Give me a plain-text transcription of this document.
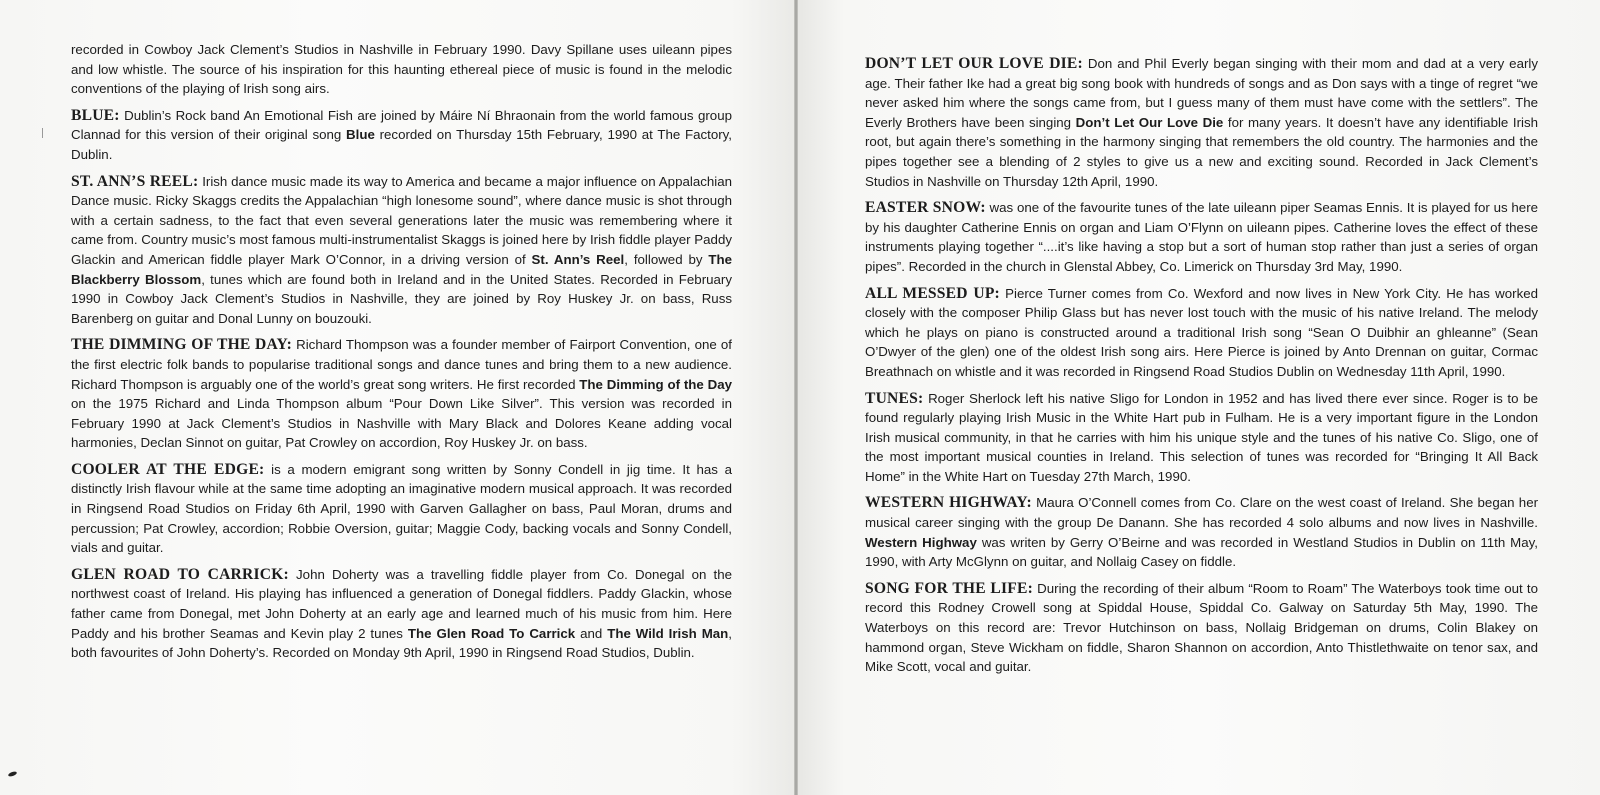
recorded in Cowboy Jack Clement’s Studios in Nashville in February 1990. Davy Spillane uses uileann pipes and low whistle. The source of his inspiration for this haunting ethereal piece of music is found in the melodic conventions of the playing of Irish song airs.

BLUE: Dublin’s Rock band An Emotional Fish are joined by Máire Ní Bhraonain from the world famous group Clannad for this version of their original song Blue recorded on Thursday 15th February, 1990 at The Factory, Dublin.

ST. ANN’S REEL: Irish dance music made its way to America and became a major influence on Appalachian Dance music. Ricky Skaggs credits the Appalachian “high lonesome sound”, where dance music is shot through with a certain sadness, to the fact that even several generations later the music was remembering where it came from. Country music’s most famous multi-instrumentalist Skaggs is joined here by Irish fiddle player Paddy Glackin and American fiddle player Mark O’Connor, in a driving version of St. Ann’s Reel, followed by The Blackberry Blossom, tunes which are found both in Ireland and in the United States. Recorded in February 1990 in Cowboy Jack Clement’s Studios in Nashville, they are joined by Roy Huskey Jr. on bass, Russ Barenberg on guitar and Donal Lunny on bouzouki.

THE DIMMING OF THE DAY: Richard Thompson was a founder member of Fairport Convention, one of the first electric folk bands to popularise traditional songs and dance tunes and bring them to a new audience. Richard Thompson is arguably one of the world’s great song writers. He first recorded The Dimming of the Day on the 1975 Richard and Linda Thompson album “Pour Down Like Silver”. This version was recorded in February 1990 at Jack Clement’s Studios in Nashville with Mary Black and Dolores Keane adding vocal harmonies, Declan Sinnot on guitar, Pat Crowley on accordion, Roy Huskey Jr. on bass.

COOLER AT THE EDGE: is a modern emigrant song written by Sonny Condell in jig time. It has a distinctly Irish flavour while at the same time adopting an imaginative modern musical approach. It was recorded in Ringsend Road Studios on Friday 6th April, 1990 with Garven Gallagher on bass, Paul Moran, drums and percussion; Pat Crowley, accordion; Robbie Oversion, guitar; Maggie Cody, backing vocals and Sonny Condell, vials and guitar.

GLEN ROAD TO CARRICK: John Doherty was a travelling fiddle player from Co. Donegal on the northwest coast of Ireland. His playing has influenced a generation of Donegal fiddlers. Paddy Glackin, whose father came from Donegal, met John Doherty at an early age and learned much of his music from him. Here Paddy and his brother Seamas and Kevin play 2 tunes The Glen Road To Carrick and The Wild Irish Man, both favourites of John Doherty’s. Recorded on Monday 9th April, 1990 in Ringsend Road Studios, Dublin.

DON’T LET OUR LOVE DIE: Don and Phil Everly began singing with their mom and dad at a very early age. Their father Ike had a great big song book with hundreds of songs and as Don says with a tinge of regret “we never asked him where the songs came from, but I guess many of them must have come with the settlers”. The Everly Brothers have been singing Don’t Let Our Love Die for many years. It doesn’t have any identifiable Irish root, but again there’s something in the harmony singing that remembers the old country. The harmonies and the pipes together see a blending of 2 styles to give us a new and exciting sound. Recorded in Jack Clement’s Studios in Nashville on Thursday 12th April, 1990.

EASTER SNOW: was one of the favourite tunes of the late uileann piper Seamas Ennis. It is played for us here by his daughter Catherine Ennis on organ and Liam O’Flynn on uileann pipes. Catherine loves the effect of these instruments playing together “....it’s like having a stop but a sort of human stop rather than just a series of organ pipes”. Recorded in the church in Glenstal Abbey, Co. Limerick on Thursday 3rd May, 1990.

ALL MESSED UP: Pierce Turner comes from Co. Wexford and now lives in New York City. He has worked closely with the composer Philip Glass but has never lost touch with the music of his native Ireland. The melody which he plays on piano is constructed around a traditional Irish song “Sean O Duibhir an ghleanne” (Sean O’Dwyer of the glen) one of the oldest Irish song airs. Here Pierce is joined by Anto Drennan on guitar, Cormac Breathnach on whistle and it was recorded in Ringsend Road Studios Dublin on Wednesday 11th April, 1990.

TUNES: Roger Sherlock left his native Sligo for London in 1952 and has lived there ever since. Roger is to be found regularly playing Irish Music in the White Hart pub in Fulham. He is a very important figure in the London Irish musical community, in that he carries with him his unique style and the tunes of his native Co. Sligo, one of the most important musical counties in Ireland. This selection of tunes was recorded for “Bringing It All Back Home” in the White Hart on Tuesday 27th March, 1990.

WESTERN HIGHWAY: Maura O’Connell comes from Co. Clare on the west coast of Ireland. She began her musical career singing with the group De Danann. She has recorded 4 solo albums and now lives in Nashville. Western Highway was writen by Gerry O’Beirne and was recorded in Westland Studios in Dublin on 11th May, 1990, with Arty McGlynn on guitar, and Nollaig Casey on fiddle.

SONG FOR THE LIFE: During the recording of their album “Room to Roam” The Waterboys took time out to record this Rodney Crowell song at Spiddal House, Spiddal Co. Galway on Saturday 5th May, 1990. The Waterboys on this record are: Trevor Hutchinson on bass, Nollaig Bridgeman on drums, Colin Blakey on hammond organ, Steve Wickham on fiddle, Sharon Shannon on accordion, Anto Thistlethwaite on tenor sax, and Mike Scott, vocal and guitar.
